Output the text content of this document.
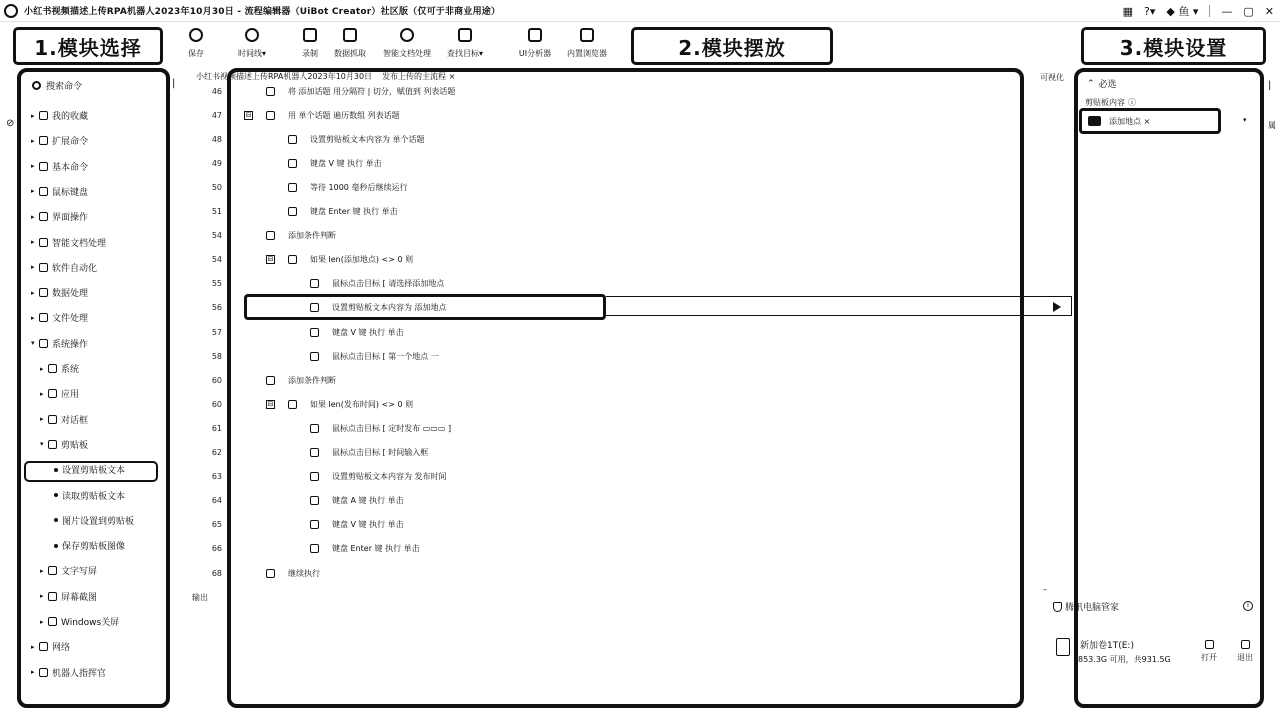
小红书视频描述上传RPA机器人2023年10月30日 - 流程编辑器（UiBot Creator）社区版（仅可于非商业用途）	▦ ?▾ ◆ 鱼 ▾ — ▢ ✕
保存	时间线▾	录制 数据抓取 智能文档处理 查找目标▾	UI分析器 内置浏览器
1.模块选择	2.模块摆放	3.模块设置
⊘
|
输出
搜索命令
▸	我的收藏
▸	扩展命令
▸	基本命令
▸	鼠标键盘
▸	界面操作
▸	智能文档处理
▸	软件自动化
▸	数据处理
▸	文件处理
▾	系统操作
▸	系统
▸	应用
▸	对话框
▾	剪贴板
设置剪贴板文本
读取剪贴板文本
图片设置到剪贴板
保存剪贴板图像
▸	文字写屏
▸	屏幕截图
▸	Windows关屏
▸	网络
▸	机器人指挥官
小红书视频描述上传RPA机器人2023年10月30日 发布上传的主流程 ×
46	将 添加话题 用分隔符 | 切分，赋值到 列表话题
47	⊟	用 单个话题 遍历数组 列表话题
48	设置剪贴板文本内容为 单个话题
49	键盘 V 键 执行 单击
50	等待 1000 毫秒后继续运行
51	键盘 Enter 键 执行 单击
54	添加条件判断
54	⊟	如果 len(添加地点) <> 0 则
55	鼠标点击目标 [ 请选择添加地点
56	设置剪贴板文本内容为 添加地点
57	键盘 V 键 执行 单击
58	鼠标点击目标 [ 第一个地点 一
60	添加条件判断
60	⊟	如果 len(发布时间) <> 0 则
61	鼠标点击目标 [ 定时发布 ▭▭▭ ]
62	鼠标点击目标 [ 时间输入框
63	设置剪贴板文本内容为 发布时间
64	键盘 A 键 执行 单击
65	键盘 V 键 执行 单击
66	键盘 Enter 键 执行 单击
68	继续执行
可视化
⌃ 必选
剪贴板内容 ⓘ
添加地点 ×	▾
|
属
–
腾讯电脑管家	i
新加卷1T(E:)
853.3G 可用，共931.5G	打开	退出
